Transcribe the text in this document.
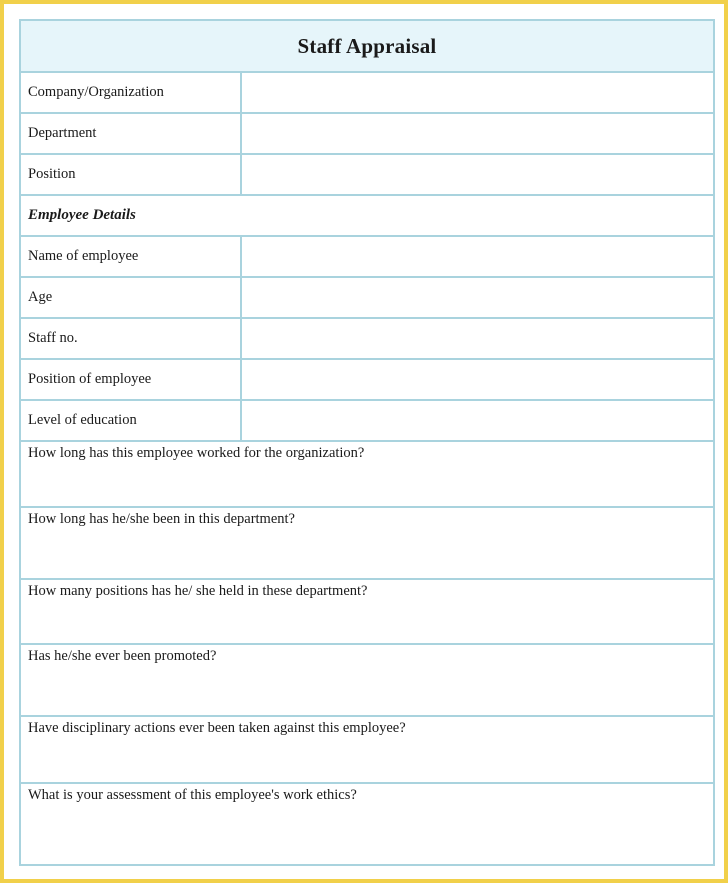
Staff Appraisal
Company/Organization
Department
Position
Employee Details
Name of employee
Age
Staff no.
Position of employee
Level of education
How long has this employee worked for the organization?
How long has he/she been in this department?
How many positions has he/ she held in these department?
Has he/she ever been promoted?
Have disciplinary actions ever been taken against this employee?
What is your assessment of this employee's work ethics?
